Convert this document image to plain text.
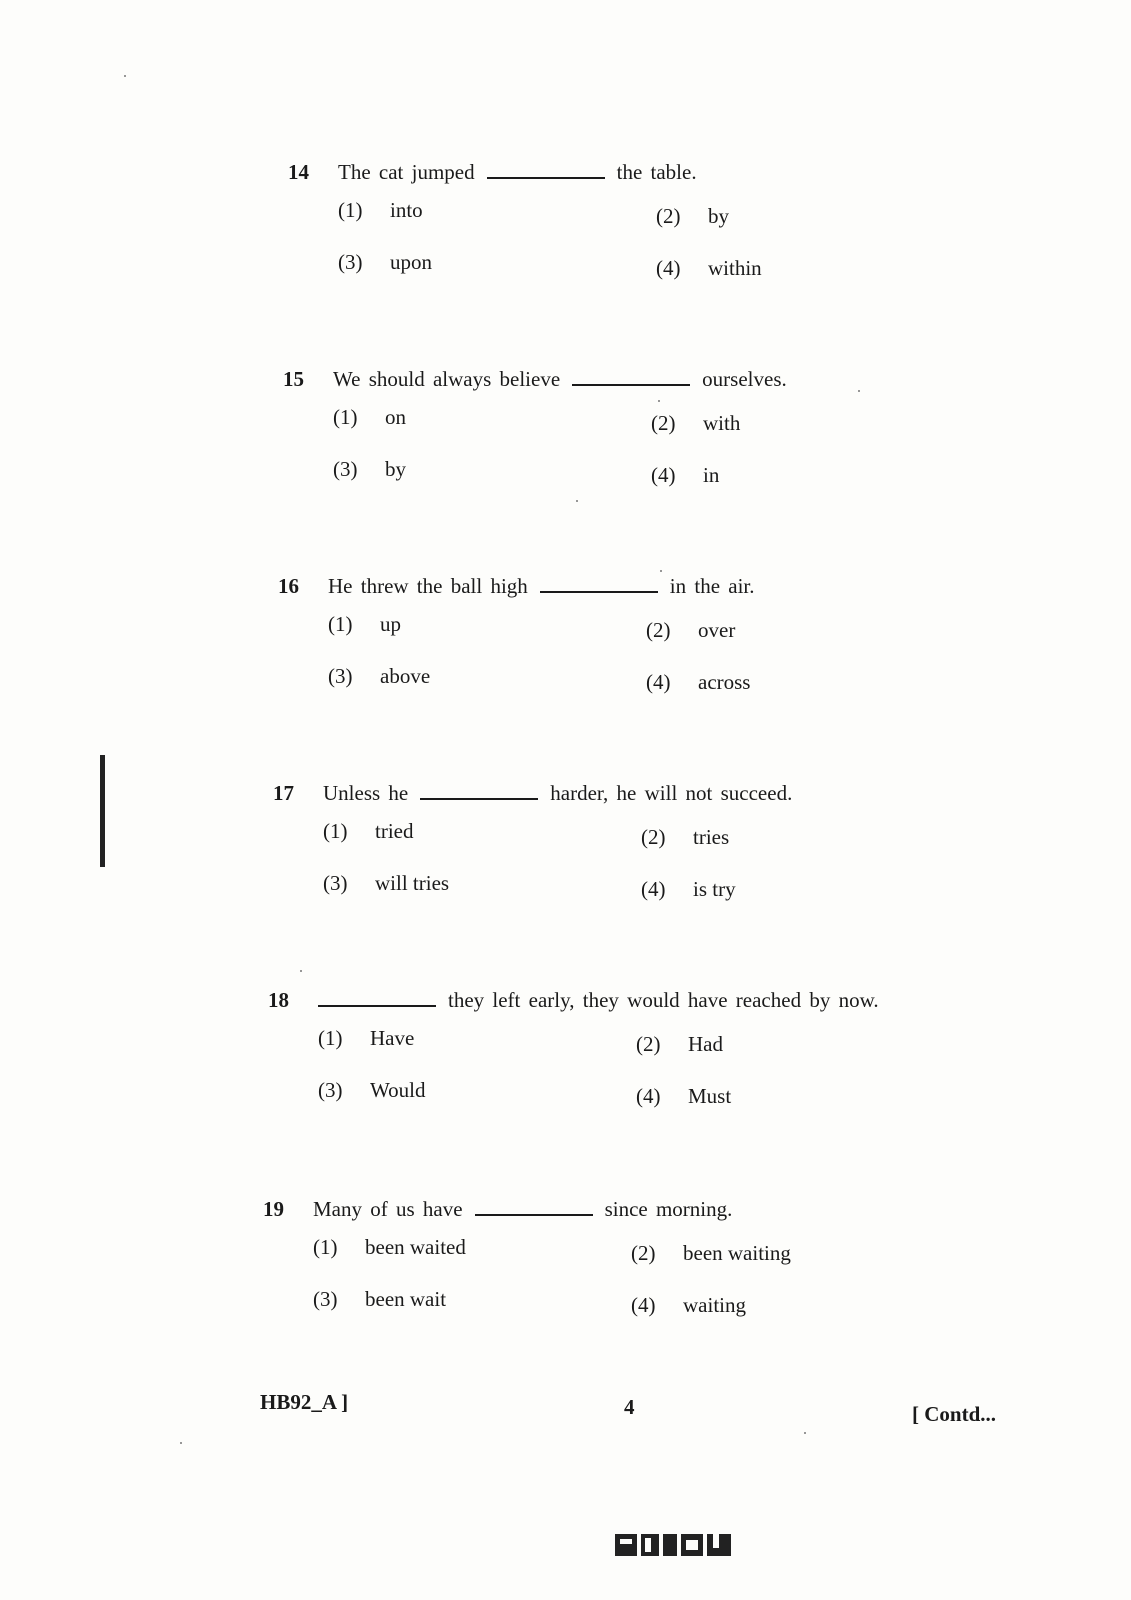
14	The cat jumped	the table.
(1)	into	(2)	by
(3)	upon	(4)	within
15	We should always believe	ourselves.
(1)	on	(2)	with
(3)	by	(4)	in
16	He threw the ball high	in the air.
(1)	up	(2)	over
(3)	above	(4)	across
17	Unless he	harder, he will not succeed.
(1)	tried	(2)	tries
(3)	will tries	(4)	is try
18	they left early, they would have reached by now.
(1)	Have	(2)	Had
(3)	Would	(4)	Must
19	Many of us have	since morning.
(1)	been waited	(2)	been waiting
(3)	been wait	(4)	waiting
HB92_A ]	4	[ Contd...
